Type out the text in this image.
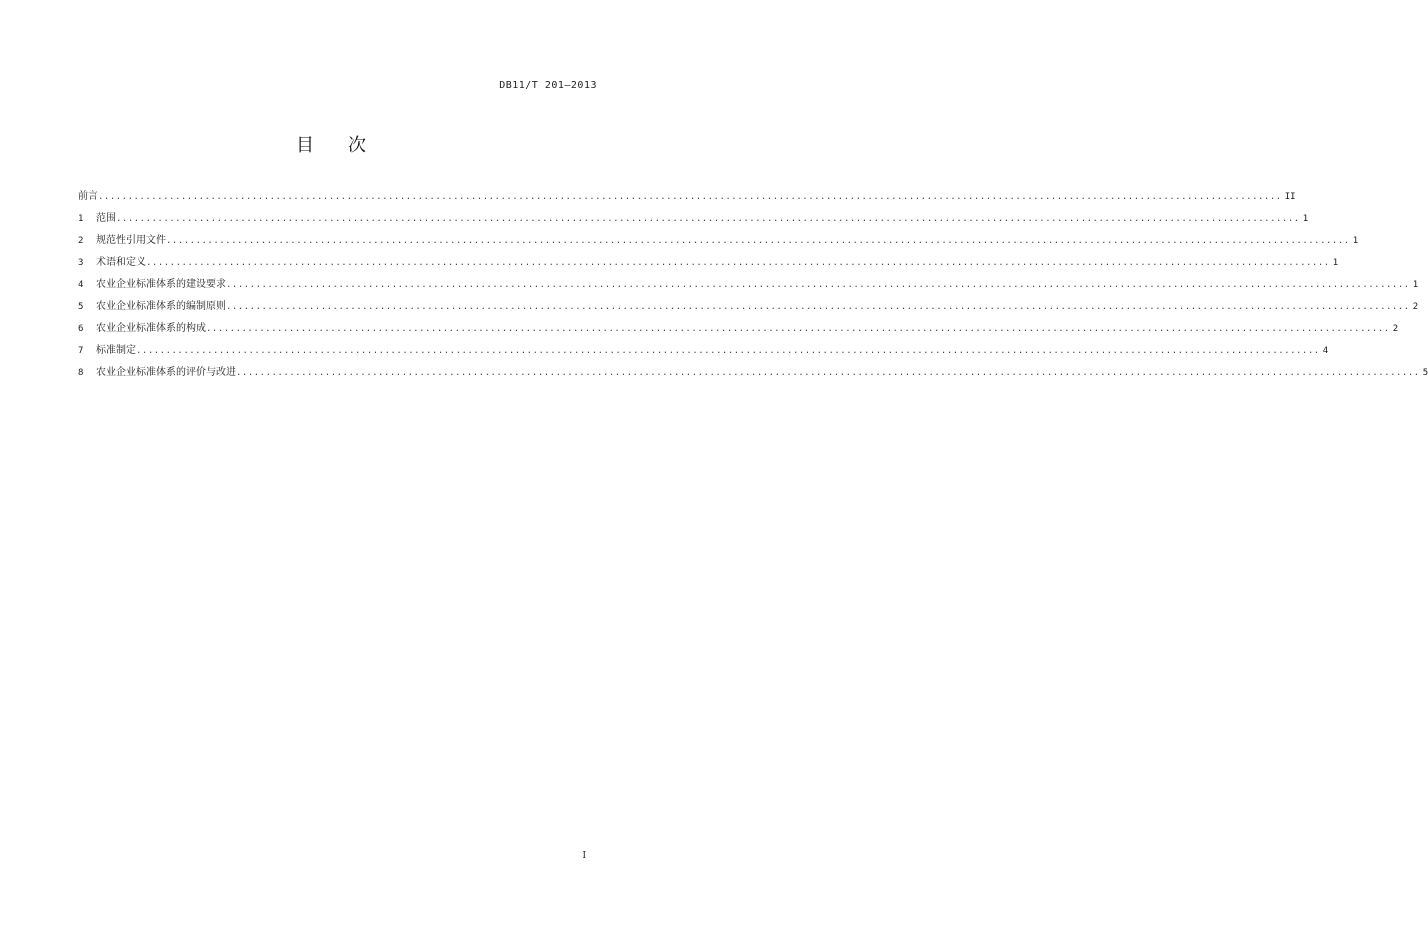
DB11/T 201—2013
目次
前言 ........................................................................................................................................................................................................ II
1	范围 ........................................................................................................................................................................................................ 1
2	规范性引用文件 ........................................................................................................................................................................................................ 1
3	术语和定义 ........................................................................................................................................................................................................ 1
4	农业企业标准体系的建设要求 ........................................................................................................................................................................................................ 1
5	农业企业标准体系的编制原则 ........................................................................................................................................................................................................ 2
6	农业企业标准体系的构成 ........................................................................................................................................................................................................ 2
7	标准制定 ........................................................................................................................................................................................................ 4
8	农业企业标准体系的评价与改进 ........................................................................................................................................................................................................ 5
I
